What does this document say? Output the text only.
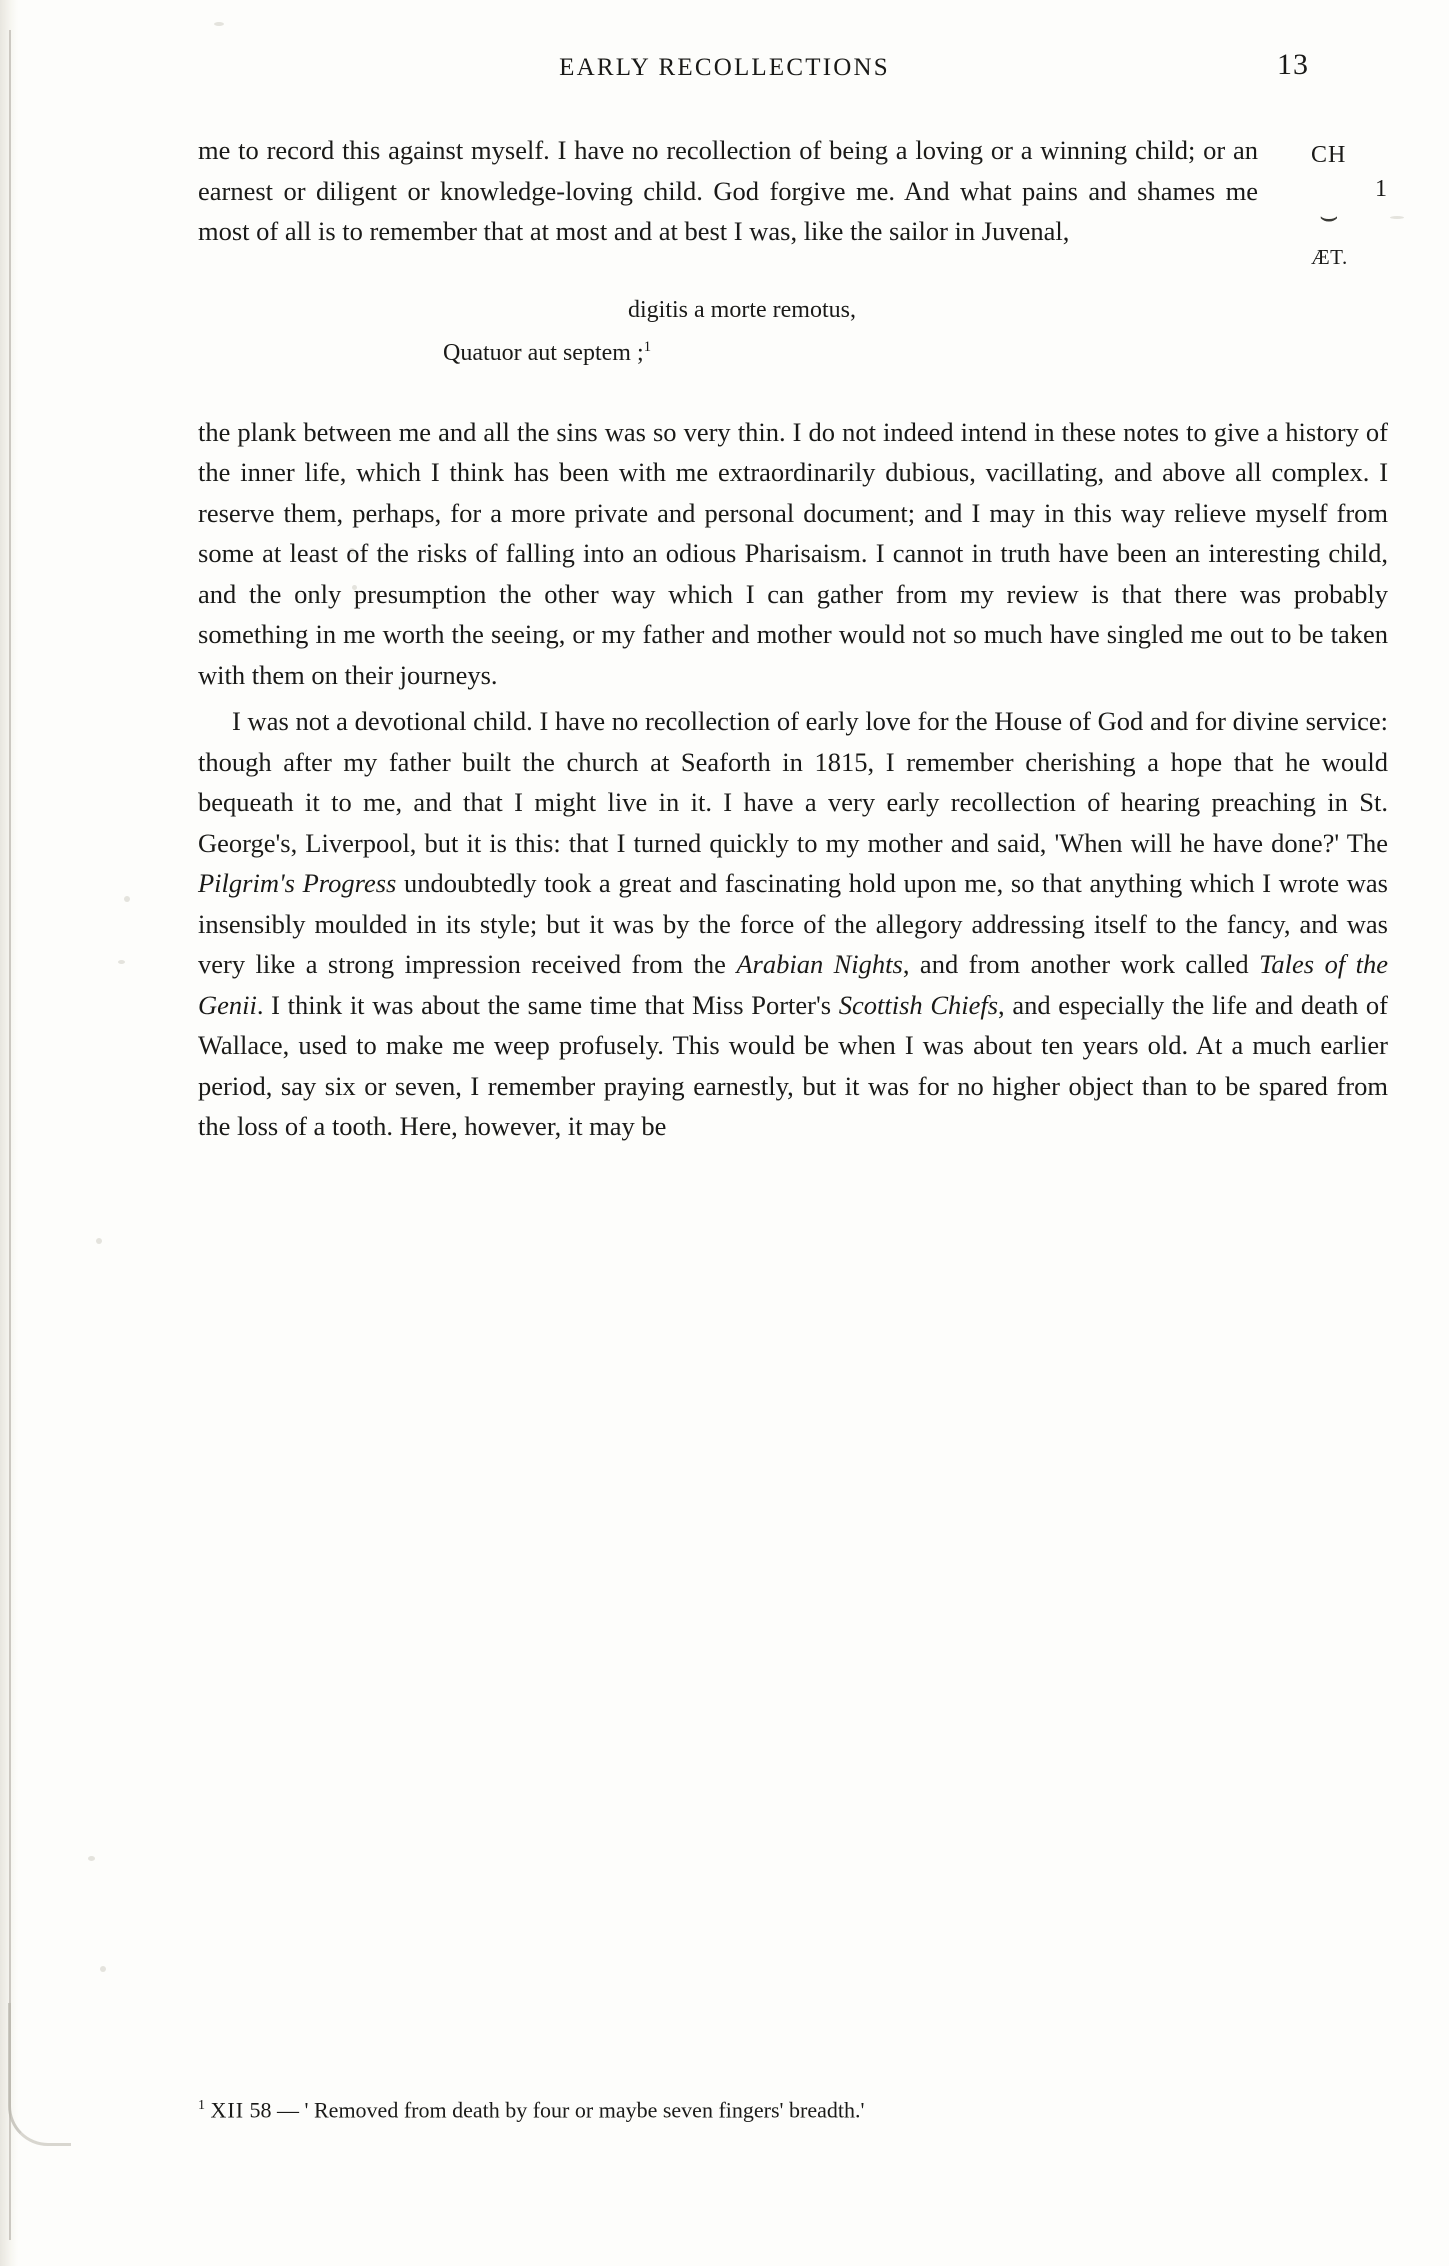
EARLY RECOLLECTIONS	13
CH
1
⌣
ÆT.

me to record this against myself. I have no recollection of being a loving or a winning child; or an earnest or diligent or knowledge-loving child. God forgive me. And what pains and shames me most of all is to remember that at most and at best I was, like the sailor in Juvenal,

digitis a morte remotus,
Quatuor aut septem ;$^1$

the plank between me and all the sins was so very thin. I do not indeed intend in these notes to give a history of the inner life, which I think has been with me extraordinarily dubious, vacillating, and above all complex. I reserve them, perhaps, for a more private and personal document; and I may in this way relieve myself from some at least of the risks of falling into an odious Pharisaism. I cannot in truth have been an interesting child, and the only presumption the other way which I can gather from my review is that there was probably something in me worth the seeing, or my father and mother would not so much have singled me out to be taken with them on their journeys.

I was not a devotional child. I have no recollection of early love for the House of God and for divine service: though after my father built the church at Seaforth in 1815, I remember cherishing a hope that he would bequeath it to me, and that I might live in it. I have a very early recollection of hearing preaching in St. George's, Liverpool, but it is this: that I turned quickly to my mother and said, 'When will he have done?' The Pilgrim's Progress undoubtedly took a great and fascinating hold upon me, so that anything which I wrote was insensibly moulded in its style; but it was by the force of the allegory addressing itself to the fancy, and was very like a strong impression received from the Arabian Nights, and from another work called Tales of the Genii. I think it was about the same time that Miss Porter's Scottish Chiefs, and especially the life and death of Wallace, used to make me weep profusely. This would be when I was about ten years old. At a much earlier period, say six or seven, I remember praying earnestly, but it was for no higher object than to be spared from the loss of a tooth. Here, however, it may be

$^1$ XII 58 — ' Removed from death by four or maybe seven fingers' breadth.'
